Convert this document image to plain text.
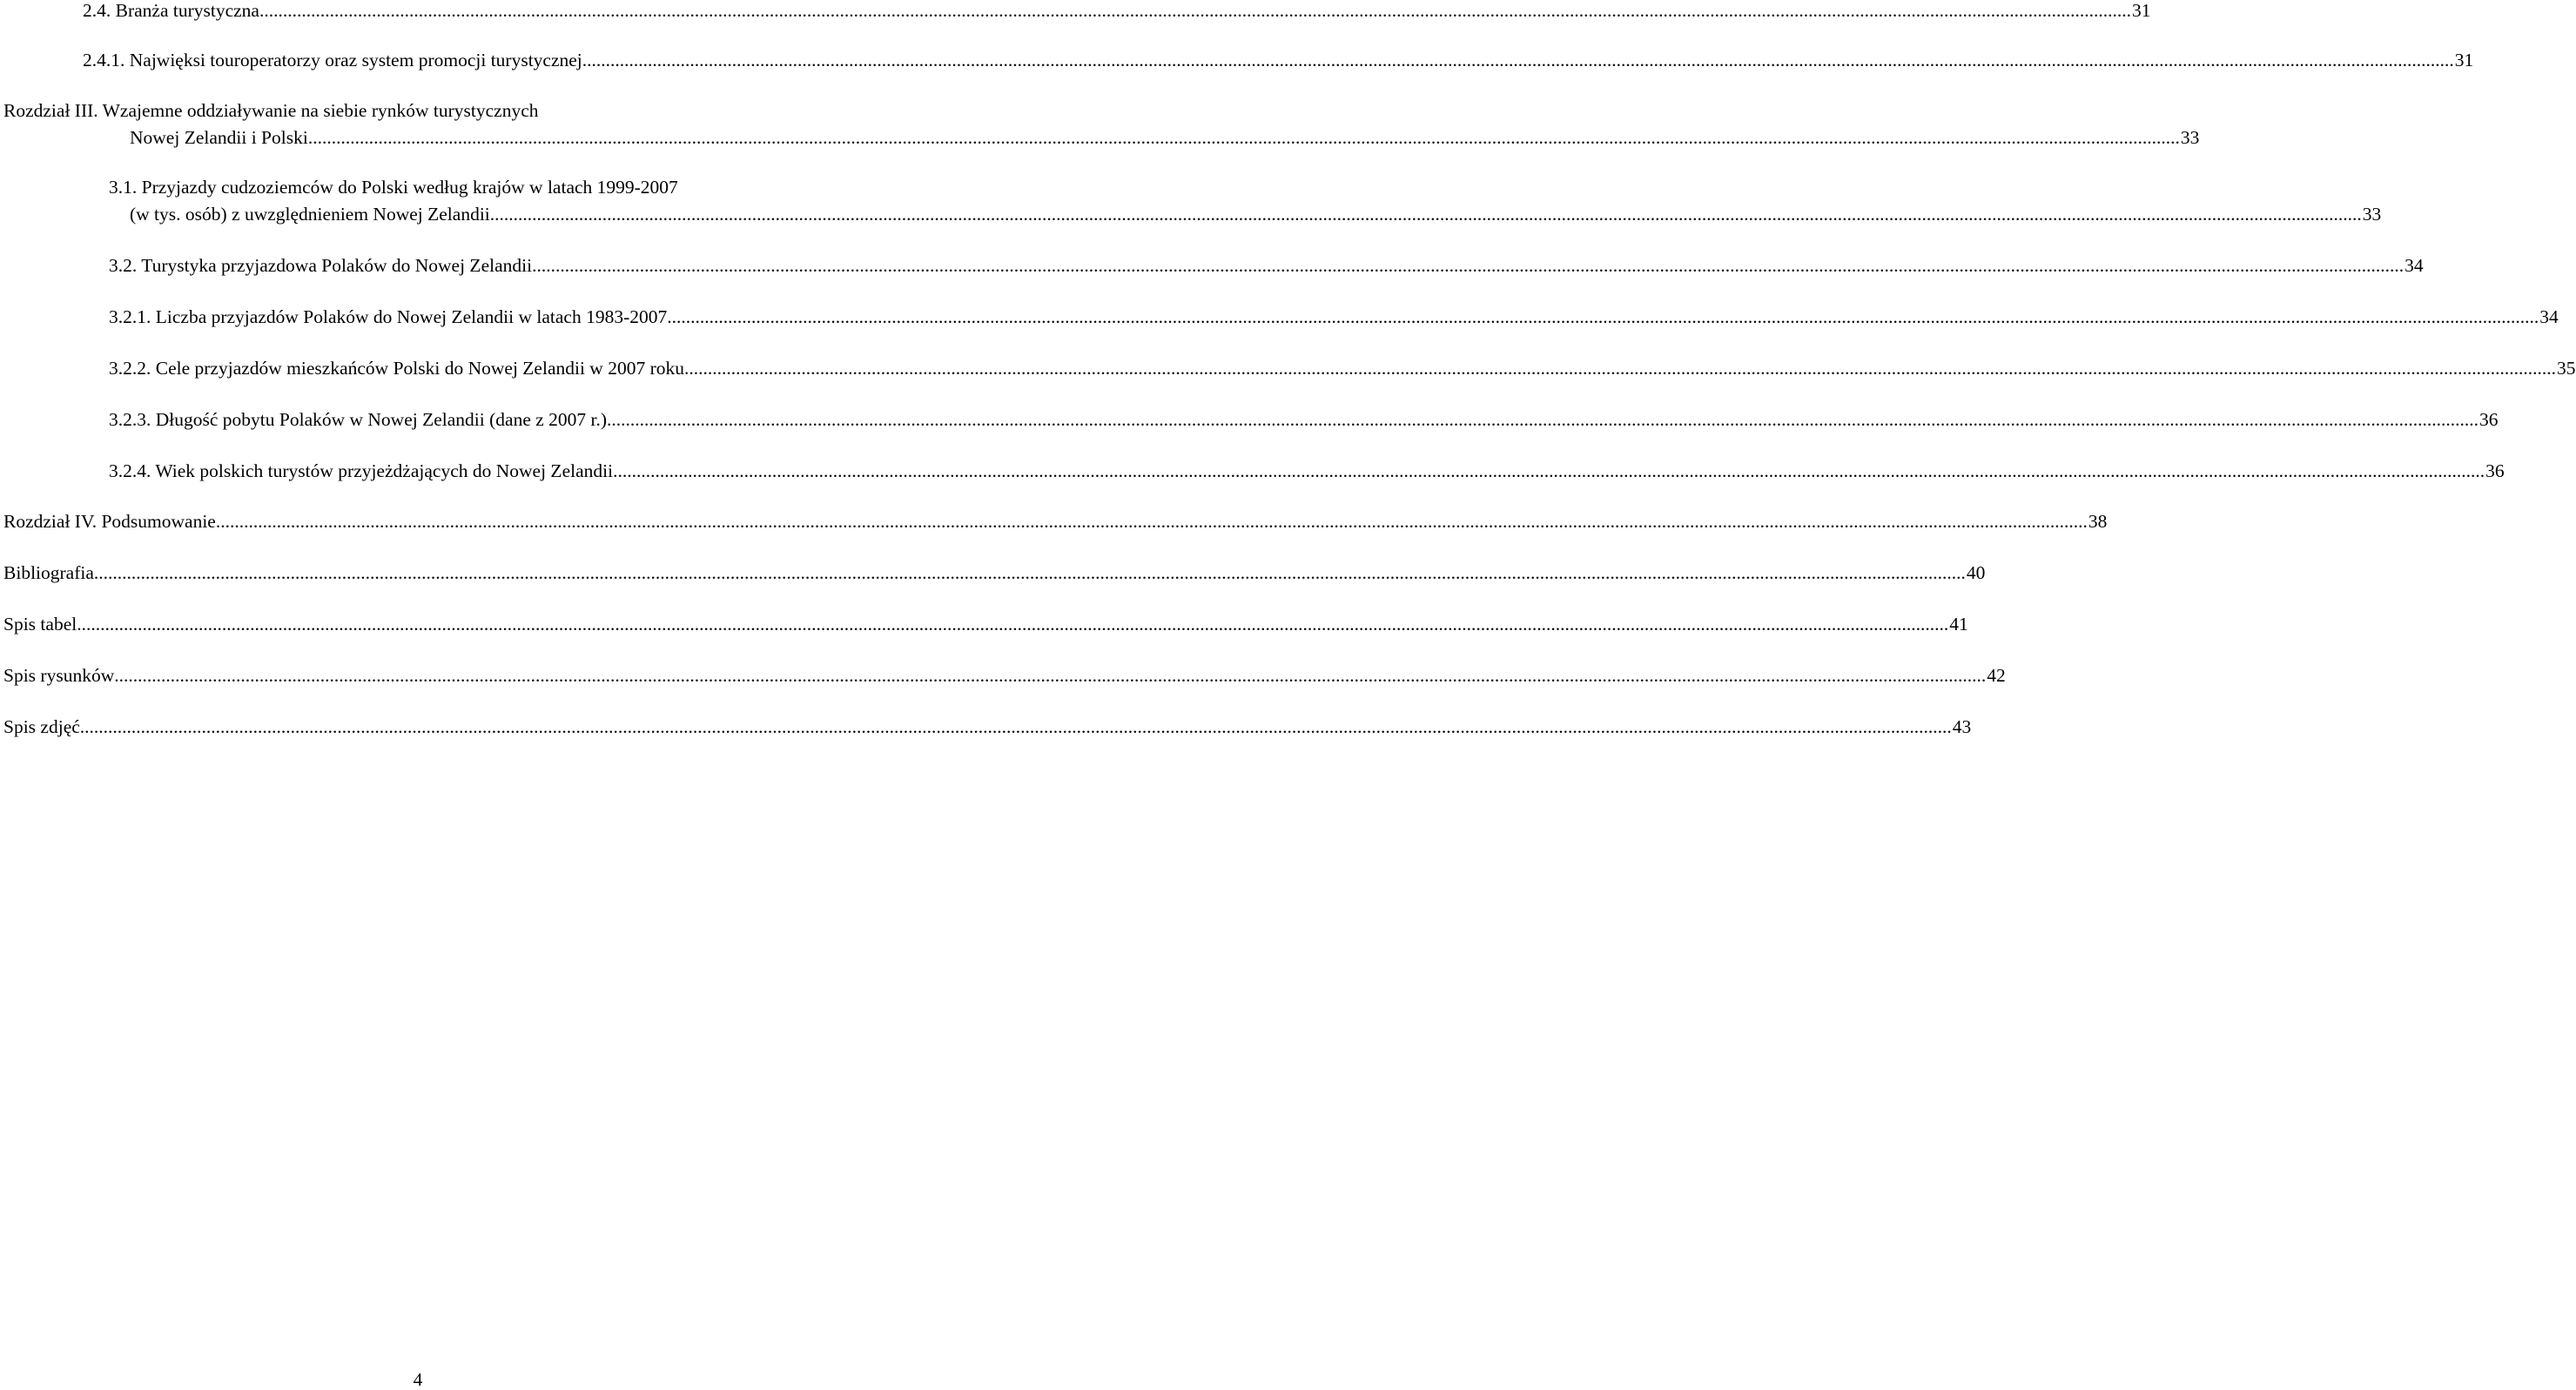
2.4. Branża turystyczna ................................................................................................................................................................................................................................................................................................................................................................................................................ 31
2.4.1. Najwięksi touroperatorzy oraz system promocji turystycznej ................................................................................................................................................................................................................................................................................................................................................................................................................ 31
Rozdział III. Wzajemne oddziaływanie na siebie rynków turystycznych
Nowej Zelandii i Polski ................................................................................................................................................................................................................................................................................................................................................................................................................ 33
3.1. Przyjazdy cudzoziemców do Polski według krajów w latach 1999-2007
(w tys. osób) z uwzględnieniem Nowej Zelandii ................................................................................................................................................................................................................................................................................................................................................................................................................ 33
3.2. Turystyka przyjazdowa Polaków do Nowej Zelandii ................................................................................................................................................................................................................................................................................................................................................................................................................ 34
3.2.1. Liczba przyjazdów Polaków do Nowej Zelandii w latach 1983-2007 ................................................................................................................................................................................................................................................................................................................................................................................................................ 34
3.2.2. Cele przyjazdów mieszkańców Polski do Nowej Zelandii w 2007 roku ................................................................................................................................................................................................................................................................................................................................................................................................................ 35
3.2.3. Długość pobytu Polaków w Nowej Zelandii (dane z 2007 r.) ................................................................................................................................................................................................................................................................................................................................................................................................................ 36
3.2.4. Wiek polskich turystów przyjeżdżających do Nowej Zelandii ................................................................................................................................................................................................................................................................................................................................................................................................................ 36
Rozdział IV. Podsumowanie ................................................................................................................................................................................................................................................................................................................................................................................................................ 38
Bibliografia ................................................................................................................................................................................................................................................................................................................................................................................................................ 40
Spis tabel ................................................................................................................................................................................................................................................................................................................................................................................................................ 41
Spis rysunków ................................................................................................................................................................................................................................................................................................................................................................................................................ 42
Spis zdjęć ................................................................................................................................................................................................................................................................................................................................................................................................................ 43
4
